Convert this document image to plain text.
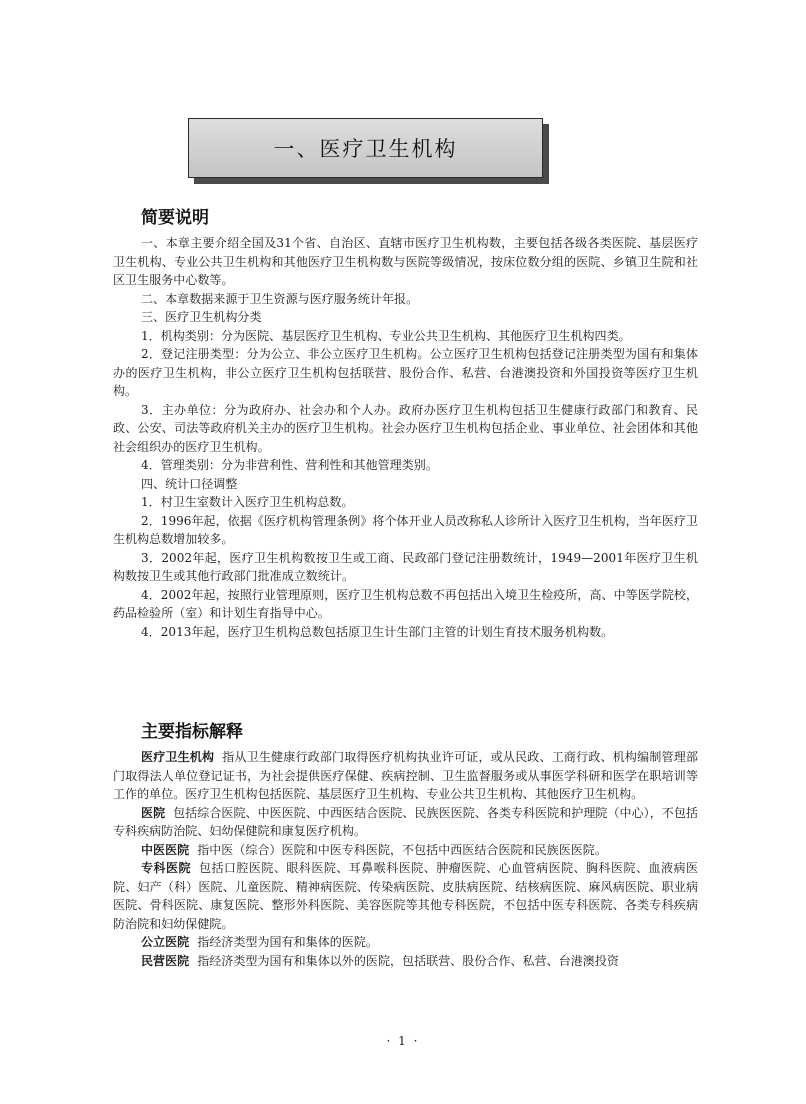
一、医疗卫生机构
简要说明

一、本章主要介绍全国及31个省、自治区、直辖市医疗卫生机构数，主要包括各级各类医院、基层医疗卫生机构、专业公共卫生机构和其他医疗卫生机构数与医院等级情况，按床位数分组的医院、乡镇卫生院和社区卫生服务中心数等。

二、本章数据来源于卫生资源与医疗服务统计年报。

三、医疗卫生机构分类

1．机构类别：分为医院、基层医疗卫生机构、专业公共卫生机构、其他医疗卫生机构四类。

2．登记注册类型：分为公立、非公立医疗卫生机构。公立医疗卫生机构包括登记注册类型为国有和集体办的医疗卫生机构，非公立医疗卫生机构包括联营、股份合作、私营、台港澳投资和外国投资等医疗卫生机构。

3．主办单位：分为政府办、社会办和个人办。政府办医疗卫生机构包括卫生健康行政部门和教育、民政、公安、司法等政府机关主办的医疗卫生机构。社会办医疗卫生机构包括企业、事业单位、社会团体和其他社会组织办的医疗卫生机构。

4．管理类别：分为非营利性、营利性和其他管理类别。

四、统计口径调整

1．村卫生室数计入医疗卫生机构总数。

2．1996年起，依据《医疗机构管理条例》将个体开业人员改称私人诊所计入医疗卫生机构，当年医疗卫生机构总数增加较多。

3．2002年起，医疗卫生机构数按卫生或工商、民政部门登记注册数统计，1949—2001年医疗卫生机构数按卫生或其他行政部门批准成立数统计。

4．2002年起，按照行业管理原则，医疗卫生机构总数不再包括出入境卫生检疫所，高、中等医学院校，药品检验所（室）和计划生育指导中心。

4．2013年起，医疗卫生机构总数包括原卫生计生部门主管的计划生育技术服务机构数。

主要指标解释

医疗卫生机构 指从卫生健康行政部门取得医疗机构执业许可证，或从民政、工商行政、机构编制管理部门取得法人单位登记证书，为社会提供医疗保健、疾病控制、卫生监督服务或从事医学科研和医学在职培训等工作的单位。医疗卫生机构包括医院、基层医疗卫生机构、专业公共卫生机构、其他医疗卫生机构。

医院 包括综合医院、中医医院、中西医结合医院、民族医医院、各类专科医院和护理院（中心），不包括专科疾病防治院、妇幼保健院和康复医疗机构。

中医医院 指中医（综合）医院和中医专科医院，不包括中西医结合医院和民族医医院。

专科医院 包括口腔医院、眼科医院、耳鼻喉科医院、肿瘤医院、心血管病医院、胸科医院、血液病医院、妇产（科）医院、儿童医院、精神病医院、传染病医院、皮肤病医院、结核病医院、麻风病医院、职业病医院、骨科医院、康复医院、整形外科医院、美容医院等其他专科医院，不包括中医专科医院、各类专科疾病防治院和妇幼保健院。

公立医院 指经济类型为国有和集体的医院。

民营医院 指经济类型为国有和集体以外的医院，包括联营、股份合作、私营、台港澳投资

· 1 ·
